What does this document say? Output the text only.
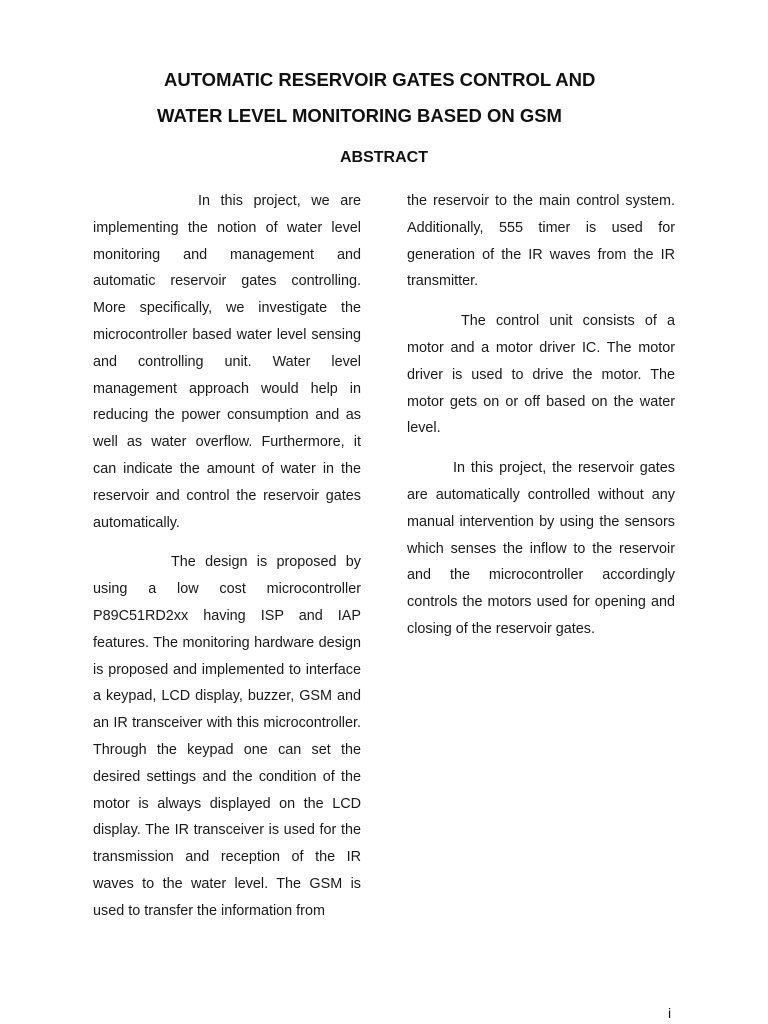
AUTOMATIC RESERVOIR GATES CONTROL AND
WATER LEVEL MONITORING BASED ON GSM
ABSTRACT

In this project, we are implementing the notion of water level monitoring and management and automatic reservoir gates controlling. More specifically, we investigate the microcontroller based water level sensing and controlling unit. Water level management approach would help in reducing the power consumption and as well as water overflow. Furthermore, it can indicate the amount of water in the reservoir and control the reservoir gates automatically.

The design is proposed by using a low cost microcontroller P89C51RD2xx having ISP and IAP features. The monitoring hardware design is proposed and implemented to interface a keypad, LCD display, buzzer, GSM and an IR transceiver with this microcontroller. Through the keypad one can set the desired settings and the condition of the motor is always displayed on the LCD display. The IR transceiver is used for the transmission and reception of the IR waves to the water level. The GSM is used to transfer the information from

the reservoir to the main control system. Additionally, 555 timer is used for generation of the IR waves from the IR transmitter.

The control unit consists of a motor and a motor driver IC. The motor driver is used to drive the motor. The motor gets on or off based on the water level.

In this project, the reservoir gates are automatically controlled without any manual intervention by using the sensors which senses the inflow to the reservoir and the microcontroller accordingly controls the motors used for opening and closing of the reservoir gates.

i
